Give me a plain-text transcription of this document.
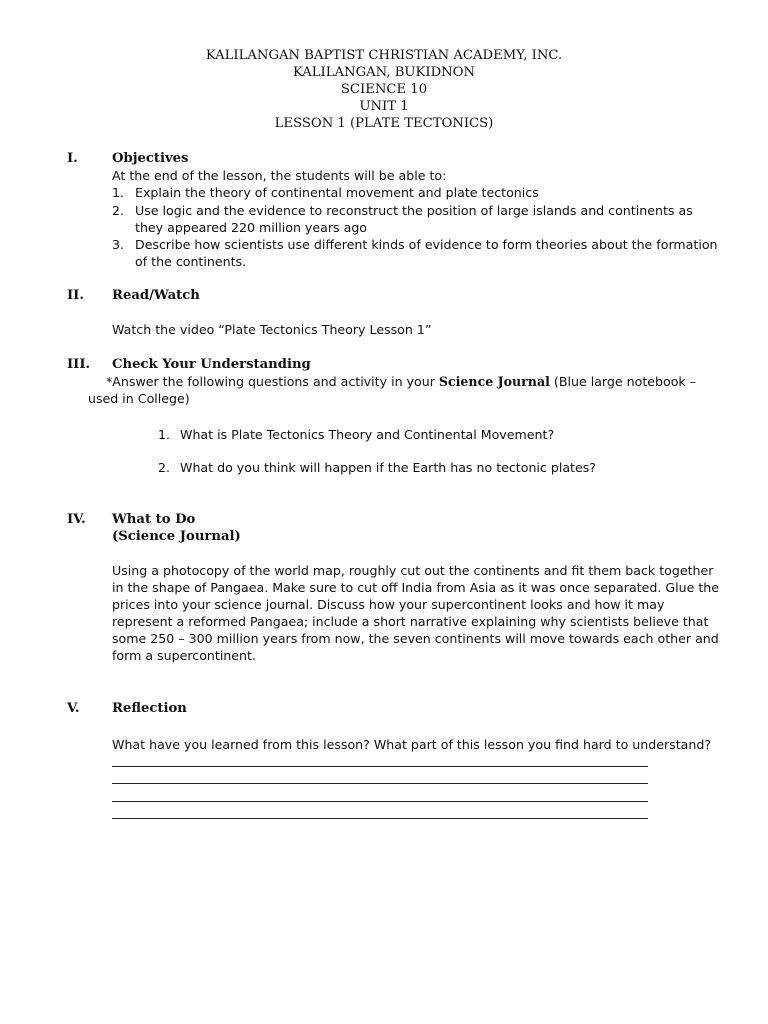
KALILANGAN BAPTIST CHRISTIAN ACADEMY, INC.
KALILANGAN, BUKIDNON
SCIENCE 10
UNIT 1
LESSON 1 (PLATE TECTONICS)
I.	Objectives
At the end of the lesson, the students will be able to:
1. Explain the theory of continental movement and plate tectonics
2. Use logic and the evidence to reconstruct the position of large islands and continents as they appeared 220 million years ago
3. Describe how scientists use different kinds of evidence to form theories about the formation of the continents.
II. Read/Watch
Watch the video “Plate Tectonics Theory Lesson 1”
III. Check Your Understanding
*Answer the following questions and activity in your Science Journal (Blue large notebook – used in College)
1. What is Plate Tectonics Theory and Continental Movement?
2. What do you think will happen if the Earth has no tectonic plates?
IV. What to Do
(Science Journal)
Using a photocopy of the world map, roughly cut out the continents and fit them back together in the shape of Pangaea. Make sure to cut off India from Asia as it was once separated. Glue the prices into your science journal. Discuss how your supercontinent looks and how it may represent a reformed Pangaea; include a short narrative explaining why scientists believe that some 250 – 300 million years from now, the seven continents will move towards each other and form a supercontinent.
V. Reflection
What have you learned from this lesson? What part of this lesson you find hard to understand?
